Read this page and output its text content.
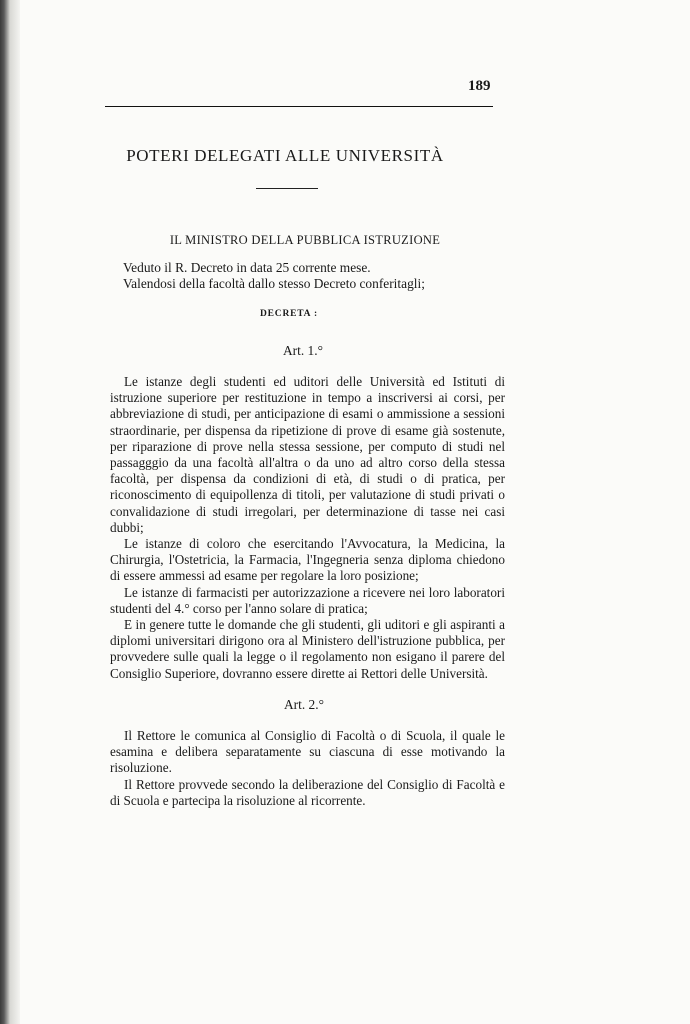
189
POTERI DELEGATI ALLE UNIVERSITÀ
IL MINISTRO DELLA PUBBLICA ISTRUZIONE
Veduto il R. Decreto in data 25 corrente mese.
Valendosi della facoltà dallo stesso Decreto conferitagli;
DECRETA :
Art. 1.°
Le istanze degli studenti ed uditori delle Università ed Istituti di istruzione superiore per restituzione in tempo a inscriversi ai corsi, per abbreviazione di studi, per anticipazione di esami o ammissione a sessioni straordinarie, per dispensa da ripetizione di prove di esame già sostenute, per riparazione di prove nella stessa sessione, per computo di studi nel passagggio da una facoltà all'altra o da uno ad altro corso della stessa facoltà, per dispensa da condizioni di età, di studi o di pratica, per riconoscimento di equipollenza di titoli, per valutazione di studi privati o convalidazione di studi irregolari, per determinazione di tasse nei casi dubbi;
Le istanze di coloro che esercitando l'Avvocatura, la Medicina, la Chirurgia, l'Ostetricia, la Farmacia, l'Ingegneria senza diploma chiedono di essere ammessi ad esame per regolare la loro posizione;
Le istanze di farmacisti per autorizzazione a ricevere nei loro laboratori studenti del 4.° corso per l'anno solare di pratica;
E in genere tutte le domande che gli studenti, gli uditori e gli aspiranti a diplomi universitari dirigono ora al Ministero dell'istruzione pubblica, per provvedere sulle quali la legge o il regolamento non esigano il parere del Consiglio Superiore, dovranno essere dirette ai Rettori delle Università.
Art. 2.°
Il Rettore le comunica al Consiglio di Facoltà o di Scuola, il quale le esamina e delibera separatamente su ciascuna di esse motivando la risoluzione.
Il Rettore provvede secondo la deliberazione del Consiglio di Facoltà e di Scuola e partecipa la risoluzione al ricorrente.
